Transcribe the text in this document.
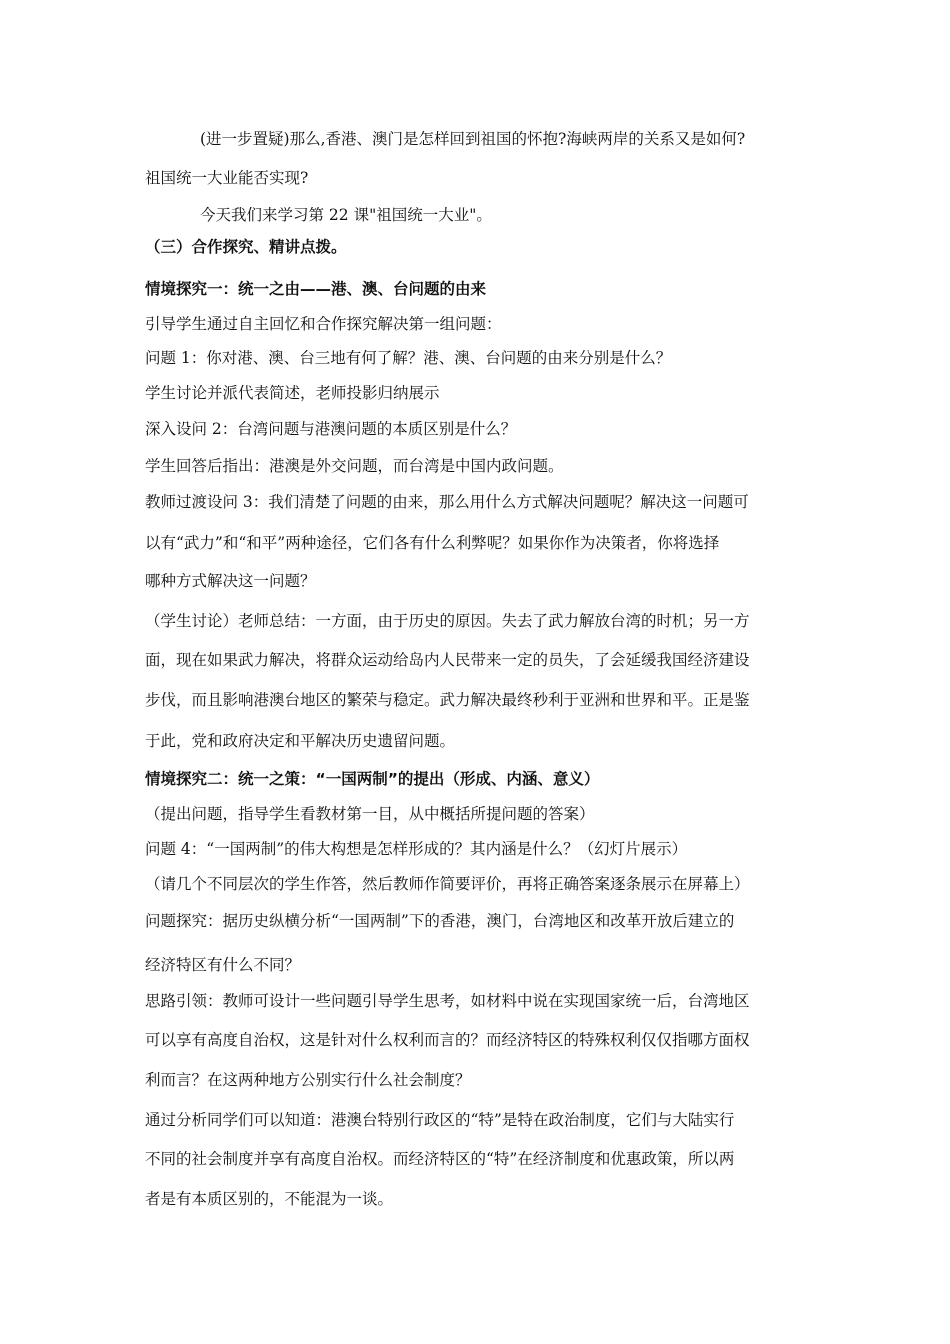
(进一步置疑)那么,香港、澳门是怎样回到祖国的怀抱?海峡两岸的关系又是如何?
祖国统一大业能否实现?
今天我们来学习第 22 课"祖国统一大业"。
（三）合作探究、精讲点拨。
情境探究一：统一之由——港、澳、台问题的由来
引导学生通过自主回忆和合作探究解决第一组问题：
问题 1：你对港、澳、台三地有何了解？港、澳、台问题的由来分别是什么？
学生讨论并派代表简述，老师投影归纳展示
深入设问 2：台湾问题与港澳问题的本质区别是什么？
学生回答后指出：港澳是外交问题，而台湾是中国内政问题。
教师过渡设问 3：我们清楚了问题的由来，那么用什么方式解决问题呢？解决这一问题可
以有“武力”和“和平”两种途径，它们各有什么利弊呢？如果你作为决策者，你将选择
哪种方式解决这一问题？
（学生讨论）老师总结：一方面，由于历史的原因。失去了武力解放台湾的时机；另一方
面，现在如果武力解决，将群众运动给岛内人民带来一定的员失，了会延缓我国经济建设
步伐，而且影响港澳台地区的繁荣与稳定。武力解决最终秒利于亚洲和世界和平。正是鉴
于此，党和政府决定和平解决历史遗留问题。
情境探究二：统一之策：“一国两制”的提出（形成、内涵、意义）
（提出问题，指导学生看教材第一目，从中概括所提问题的答案）
问题 4：“一国两制”的伟大构想是怎样形成的？其内涵是什么？（幻灯片展示）
（请几个不同层次的学生作答，然后教师作简要评价，再将正确答案逐条展示在屏幕上）
问题探究：据历史纵横分析“一国两制”下的香港，澳门，台湾地区和改革开放后建立的
经济特区有什么不同？
思路引领：教师可设计一些问题引导学生思考，如材料中说在实现国家统一后，台湾地区
可以享有高度自治权，这是针对什么权利而言的？而经济特区的特殊权利仅仅指哪方面权
利而言？在这两种地方公别实行什么社会制度？
通过分析同学们可以知道：港澳台特别行政区的“特”是特在政治制度，它们与大陆实行
不同的社会制度并享有高度自治权。而经济特区的“特”在经济制度和优惠政策，所以两
者是有本质区别的，不能混为一谈。
